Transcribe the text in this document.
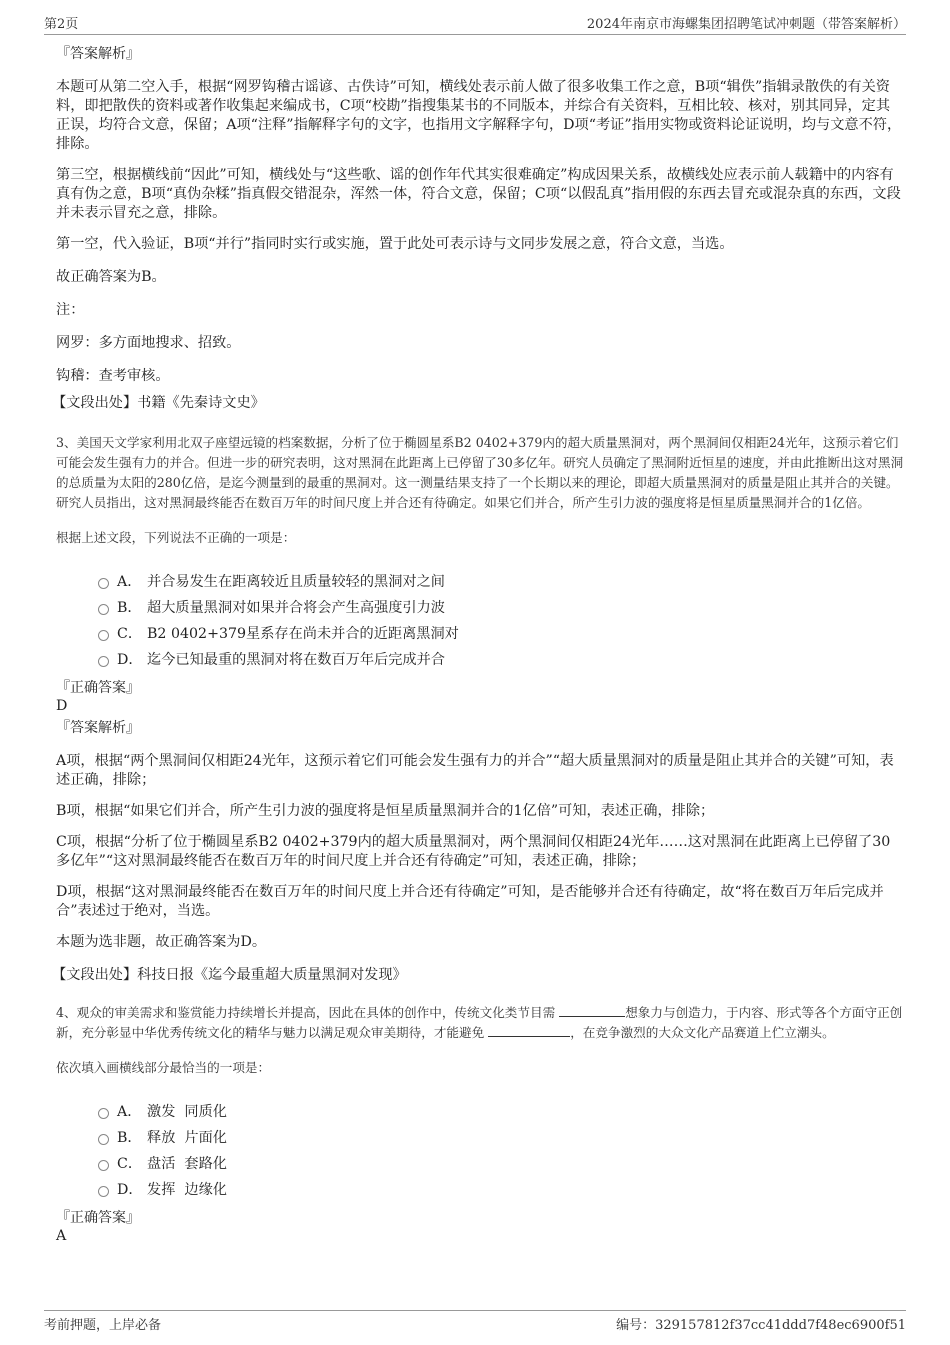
第2页	2024年南京市海螺集团招聘笔试冲刺题（带答案解析）

『答案解析』

本题可从第二空入手，根据“网罗钩稽古谣谚、古佚诗”可知，横线处表示前人做了很多收集工作之意，B项“辑佚”指辑录散佚的有关资料，即把散佚的资料或著作收集起来编成书，C项“校勘”指搜集某书的不同版本，并综合有关资料，互相比较、核对，别其同异，定其正误，均符合文意，保留；A项“注释”指解释字句的文字，也指用文字解释字句，D项“考证”指用实物或资料论证说明，均与文意不符，排除。

第三空，根据横线前“因此”可知，横线处与“这些歌、谣的创作年代其实很难确定”构成因果关系，故横线处应表示前人载籍中的内容有真有伪之意，B项“真伪杂糅”指真假交错混杂，浑然一体，符合文意，保留；C项“以假乱真”指用假的东西去冒充或混杂真的东西，文段并未表示冒充之意，排除。

第一空，代入验证，B项“并行”指同时实行或实施，置于此处可表示诗与文同步发展之意，符合文意，当选。

故正确答案为B。

注：

网罗：多方面地搜求、招致。

钩稽：查考审核。

【文段出处】书籍《先秦诗文史》

3、美国天文学家利用北双子座望远镜的档案数据，分析了位于椭圆星系B2 0402+379内的超大质量黑洞对，两个黑洞间仅相距24光年，这预示着它们可能会发生强有力的并合。但进一步的研究表明，这对黑洞在此距离上已停留了30多亿年。研究人员确定了黑洞附近恒星的速度，并由此推断出这对黑洞的总质量为太阳的280亿倍，是迄今测量到的最重的黑洞对。这一测量结果支持了一个长期以来的理论，即超大质量黑洞对的质量是阻止其并合的关键。研究人员指出，这对黑洞最终能否在数百万年的时间尺度上并合还有待确定。如果它们并合，所产生引力波的强度将是恒星质量黑洞并合的1亿倍。

根据上述文段，下列说法不正确的一项是：

A． 并合易发生在距离较近且质量较轻的黑洞对之间
B． 超大质量黑洞对如果并合将会产生高强度引力波
C． B2 0402+379星系存在尚未并合的近距离黑洞对
D． 迄今已知最重的黑洞对将在数百万年后完成并合

『正确答案』

D

『答案解析』

A项，根据“两个黑洞间仅相距24光年，这预示着它们可能会发生强有力的并合”“超大质量黑洞对的质量是阻止其并合的关键”可知，表述正确，排除；

B项，根据“如果它们并合，所产生引力波的强度将是恒星质量黑洞并合的1亿倍”可知，表述正确，排除；

C项，根据“分析了位于椭圆星系B2 0402+379内的超大质量黑洞对，两个黑洞间仅相距24光年……这对黑洞在此距离上已停留了30多亿年”“这对黑洞最终能否在数百万年的时间尺度上并合还有待确定”可知，表述正确，排除；

D项，根据“这对黑洞最终能否在数百万年的时间尺度上并合还有待确定”可知，是否能够并合还有待确定，故“将在数百万年后完成并合”表述过于绝对，当选。

本题为选非题，故正确答案为D。

【文段出处】科技日报《迄今最重超大质量黑洞对发现》

4、观众的审美需求和鉴赏能力持续增长并提高，因此在具体的创作中，传统文化类节目需	想象力与创造力，于内容、形式等各个方面守正创新，充分彰显中华优秀传统文化的精华与魅力以满足观众审美期待，才能避免	，在竞争激烈的大众文化产品赛道上伫立潮头。

依次填入画横线部分最恰当的一项是：

A． 激发  同质化
B． 释放  片面化
C． 盘活  套路化
D． 发挥  边缘化

『正确答案』

A

考前押题，上岸必备	编号：329157812f37cc41ddd7f48ec6900f51
